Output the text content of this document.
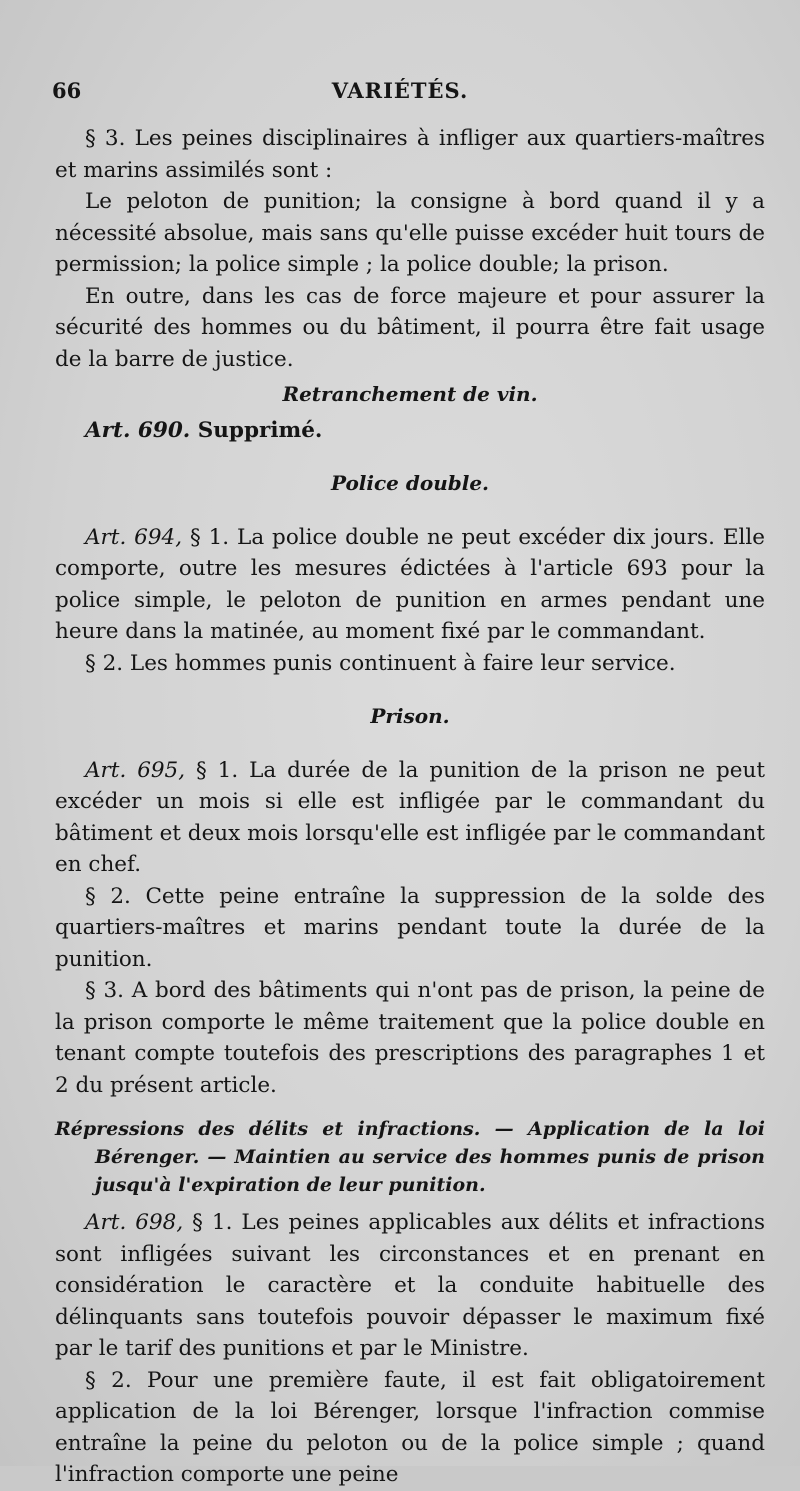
66	VARIÉTÉS.

§ 3. Les peines disciplinaires à infliger aux quartiers-maîtres et marins assimilés sont :

Le peloton de punition; la consigne à bord quand il y a nécessité absolue, mais sans qu'elle puisse excéder huit tours de permission; la police simple ; la police double; la prison.

En outre, dans les cas de force majeure et pour assurer la sécurité des hommes ou du bâtiment, il pourra être fait usage de la barre de justice.

Retranchement de vin.

Art. 690. Supprimé.

Police double.

Art. 694, § 1. La police double ne peut excéder dix jours. Elle comporte, outre les mesures édictées à l'article 693 pour la police simple, le peloton de punition en armes pendant une heure dans la matinée, au moment fixé par le commandant.

§ 2. Les hommes punis continuent à faire leur service.

Prison.

Art. 695, § 1. La durée de la punition de la prison ne peut excéder un mois si elle est infligée par le commandant du bâtiment et deux mois lorsqu'elle est infligée par le commandant en chef.

§ 2. Cette peine entraîne la suppression de la solde des quartiers-maîtres et marins pendant toute la durée de la punition.

§ 3. A bord des bâtiments qui n'ont pas de prison, la peine de la prison comporte le même traitement que la police double en tenant compte toutefois des prescriptions des paragraphes 1 et 2 du présent article.

Répressions des délits et infractions. — Application de la loi Bérenger. — Maintien au service des hommes punis de prison jusqu'à l'expiration de leur punition.

Art. 698, § 1. Les peines applicables aux délits et infractions sont infligées suivant les circonstances et en prenant en considération le caractère et la conduite habituelle des délinquants sans toutefois pouvoir dépasser le maximum fixé par le tarif des punitions et par le Ministre.

§ 2. Pour une première faute, il est fait obligatoirement application de la loi Bérenger, lorsque l'infraction commise entraîne la peine du peloton ou de la police simple ; quand l'infraction comporte une peine
